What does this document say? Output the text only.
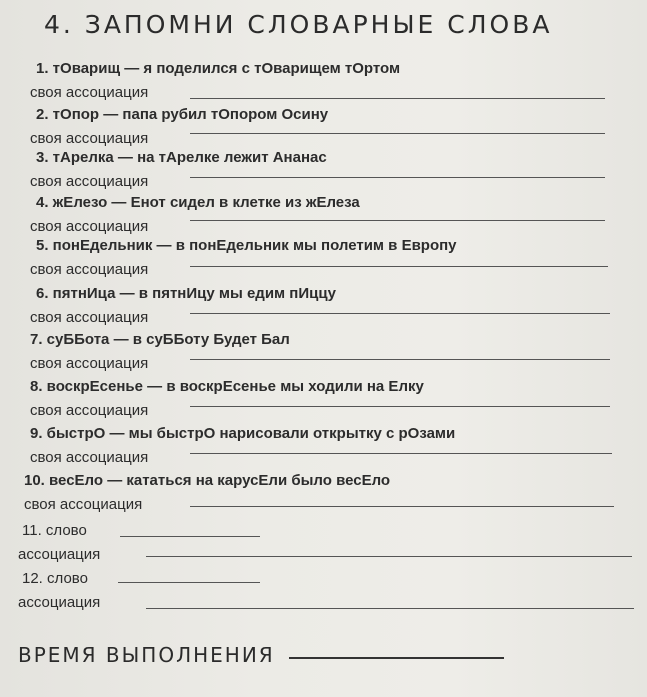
4. ЗАПОМНИ СЛОВАРНЫЕ СЛОВА
1. тОварищ — я поделился с тОварищем тОртом
своя ассоциация
2. тОпор — папа рубил тОпором Осину
своя ассоциация
3. тАрелка — на тАрелке лежит Ананас
своя ассоциация
4. жЕлезо — Енот сидел в клетке из жЕлеза
своя ассоциация
5. понЕдельник — в понЕдельник мы полетим в Европу
своя ассоциация
6. пятнИца — в пятнИцу мы едим пИццу
своя ассоциация
7. суББота — в суББоту Будет Бал
своя ассоциация
8. воскрЕсенье — в воскрЕсенье мы ходили на Елку
своя ассоциация
9. быстрО — мы быстрО нарисовали открытку с рОзами
своя ассоциация
10. весЕло — кататься на карусЕли было весЕло
своя ассоциация
11. слово
ассоциация
12. слово
ассоциация
ВРЕМЯ ВЫПОЛНЕНИЯ
